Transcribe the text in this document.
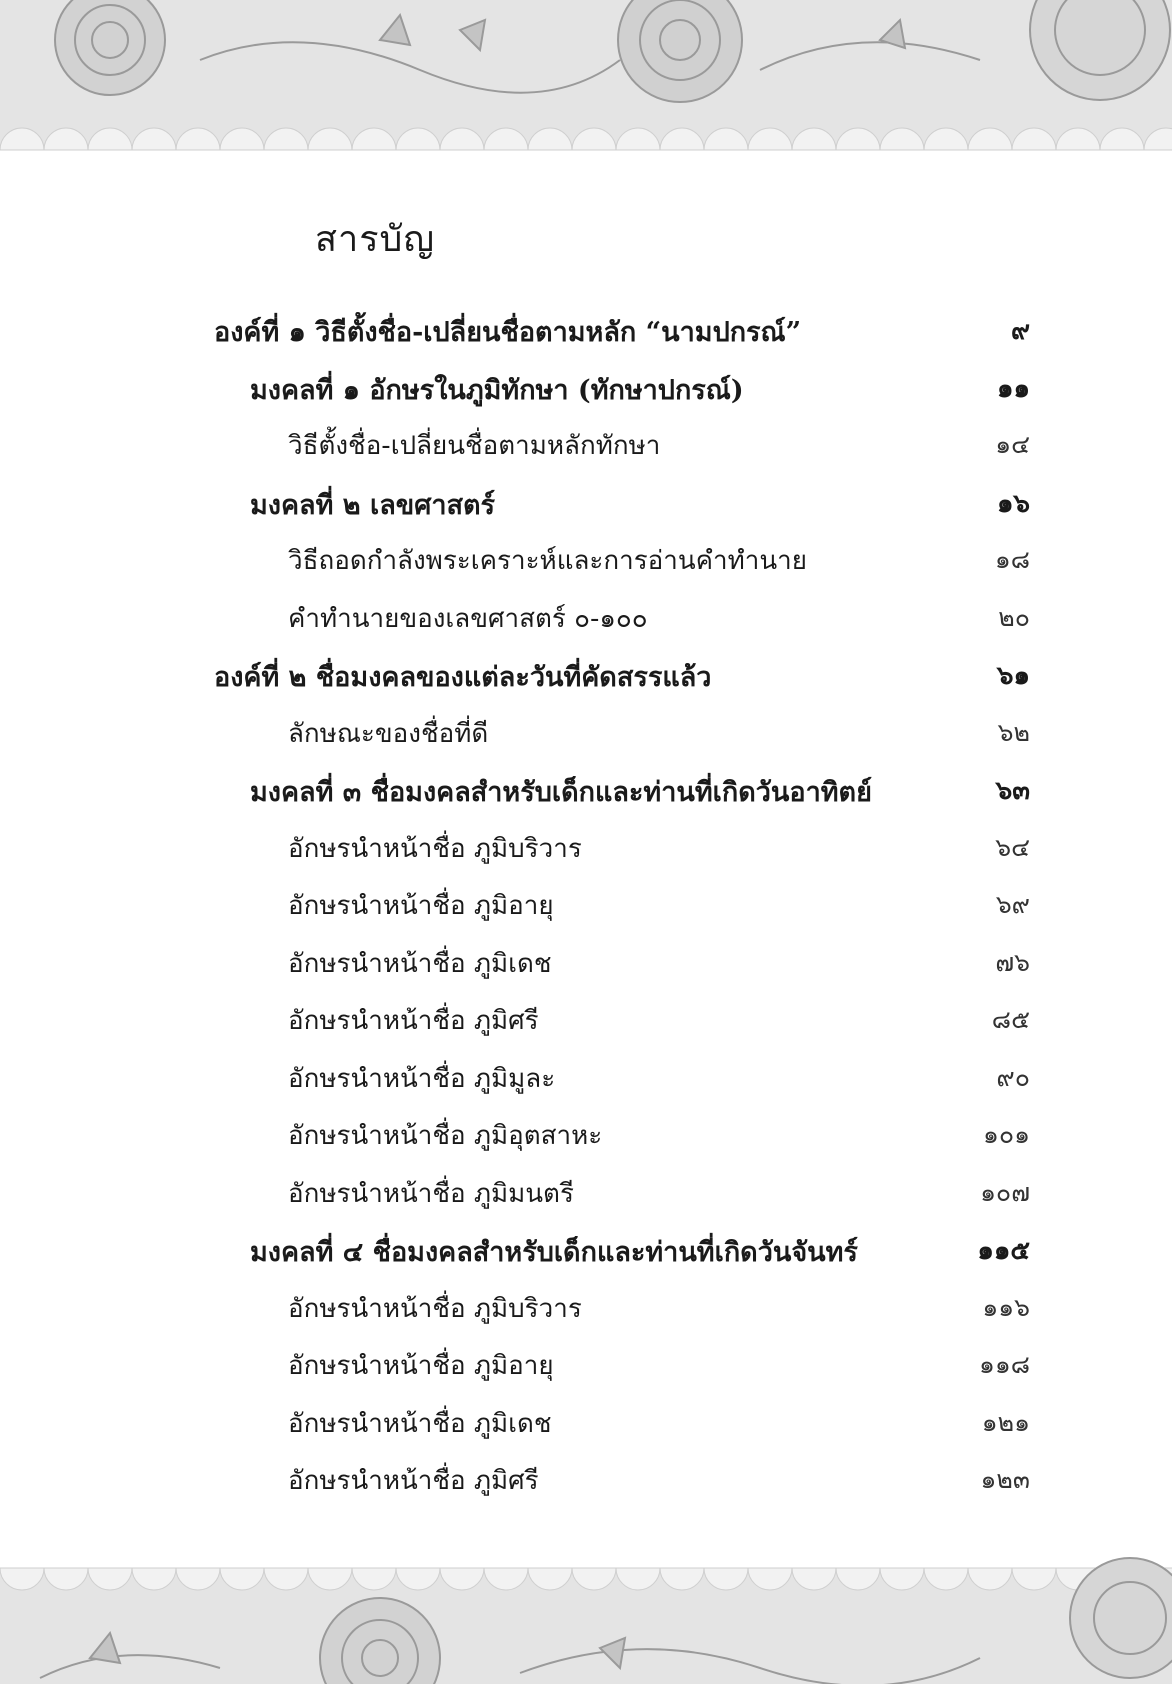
สารบัญ
องค์ที่ ๑ วิธีตั้งชื่อ-เปลี่ยนชื่อตามหลัก “นามปกรณ์”	๙
มงคลที่ ๑ อักษรในภูมิทักษา (ทักษาปกรณ์)	๑๑
วิธีตั้งชื่อ-เปลี่ยนชื่อตามหลักทักษา	๑๔
มงคลที่ ๒ เลขศาสตร์	๑๖
วิธีถอดกำลังพระเคราะห์และการอ่านคำทำนาย	๑๘
คำทำนายของเลขศาสตร์ ๐-๑๐๐	๒๐
องค์ที่ ๒ ชื่อมงคลของแต่ละวันที่คัดสรรแล้ว	๖๑
ลักษณะของชื่อที่ดี	๖๒
มงคลที่ ๓ ชื่อมงคลสำหรับเด็กและท่านที่เกิดวันอาทิตย์	๖๓
อักษรนำหน้าชื่อ ภูมิบริวาร	๖๔
อักษรนำหน้าชื่อ ภูมิอายุ	๖๙
อักษรนำหน้าชื่อ ภูมิเดช	๗๖
อักษรนำหน้าชื่อ ภูมิศรี	๘๕
อักษรนำหน้าชื่อ ภูมิมูละ	๙๐
อักษรนำหน้าชื่อ ภูมิอุตสาหะ	๑๐๑
อักษรนำหน้าชื่อ ภูมิมนตรี	๑๐๗
มงคลที่ ๔ ชื่อมงคลสำหรับเด็กและท่านที่เกิดวันจันทร์	๑๑๕
อักษรนำหน้าชื่อ ภูมิบริวาร	๑๑๖
อักษรนำหน้าชื่อ ภูมิอายุ	๑๑๘
อักษรนำหน้าชื่อ ภูมิเดช	๑๒๑
อักษรนำหน้าชื่อ ภูมิศรี	๑๒๓
